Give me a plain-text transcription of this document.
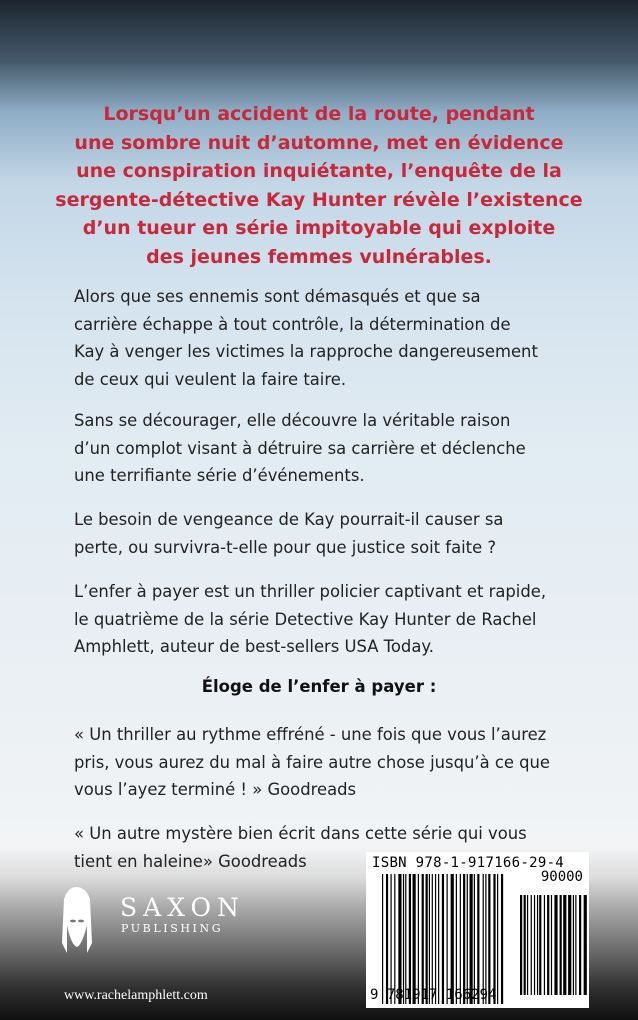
Lorsqu’un accident de la route, pendant
une sombre nuit d’automne, met en évidence
une conspiration inquiétante, l’enquête de la
sergente-détective Kay Hunter révèle l’existence
d’un tueur en série impitoyable qui exploite
des jeunes femmes vulnérables.
Alors que ses ennemis sont démasqués et que sa
carrière échappe à tout contrôle, la détermination de
Kay à venger les victimes la rapproche dangereusement
de ceux qui veulent la faire taire.
Sans se décourager, elle découvre la véritable raison
d’un complot visant à détruire sa carrière et déclenche
une terrifiante série d’événements.
Le besoin de vengeance de Kay pourrait-il causer sa
perte, ou survivra-t-elle pour que justice soit faite ?
L’enfer à payer est un thriller policier captivant et rapide,
le quatrième de la série Detective Kay Hunter de Rachel
Amphlett, auteur de best-sellers USA Today.
Éloge de l’enfer à payer :
« Un thriller au rythme effréné - une fois que vous l’aurez
pris, vous aurez du mal à faire autre chose jusqu’à ce que
vous l’ayez terminé ! » Goodreads
« Un autre mystère bien écrit dans cette série qui vous
tient en haleine» Goodreads
SAXON
PUBLISHING
www.rachelamphlett.com
ISBN 978-1-917166-29-4
90000
9 781917 166294
